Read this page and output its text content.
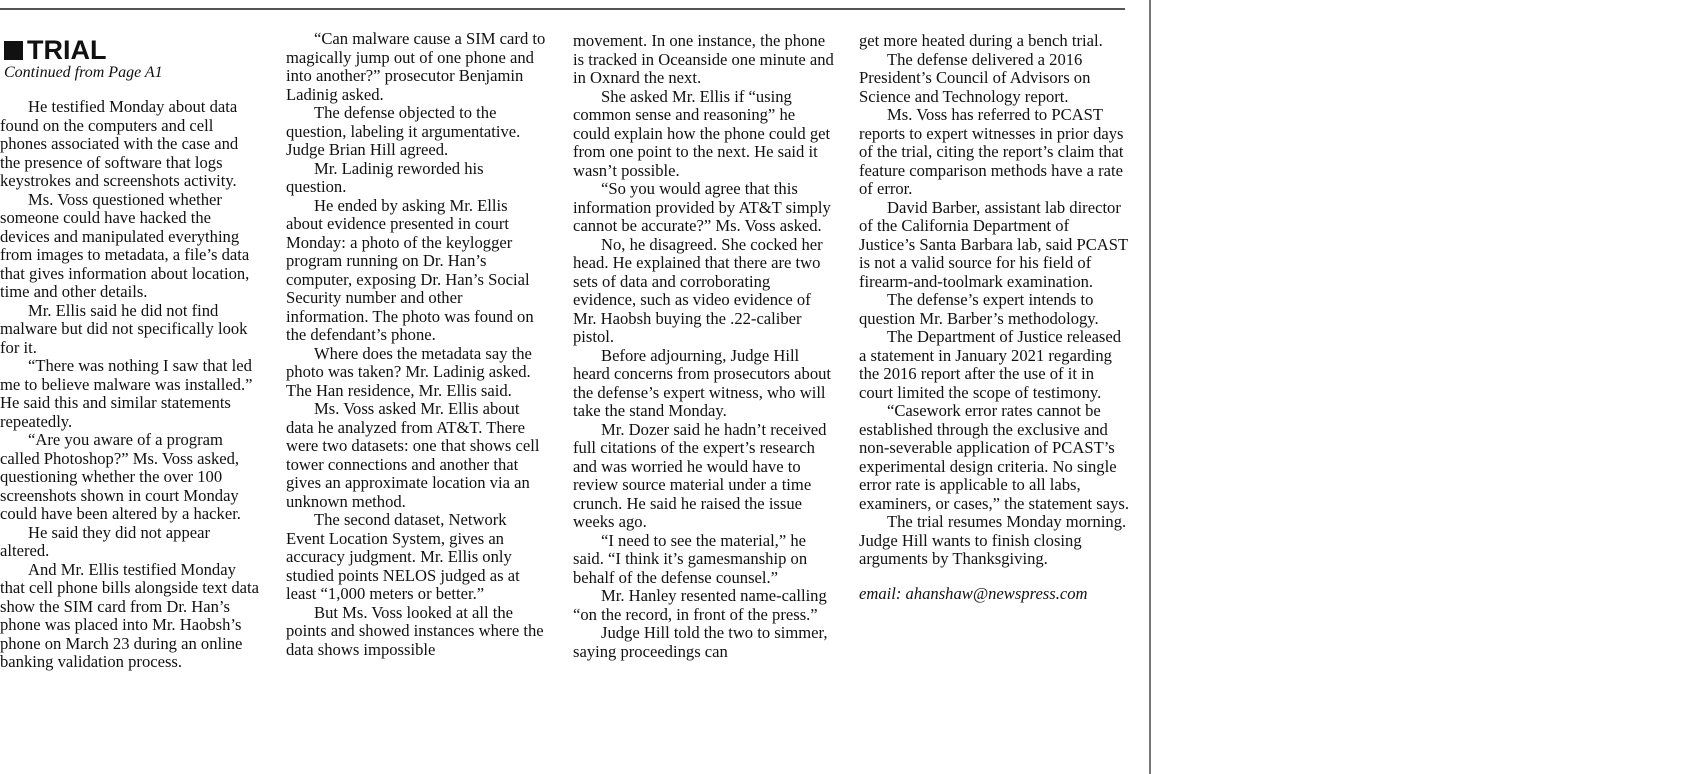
TRIAL
Continued from Page A1

He testified Monday about data found on the computers and cell phones associated with the case and the presence of software that logs keystrokes and screenshots activity.

Ms. Voss questioned whether someone could have hacked the devices and manipulated everything from images to metadata, a file’s data that gives information about location, time and other details.

Mr. Ellis said he did not find malware but did not specifically look for it.

“There was nothing I saw that led me to believe malware was installed.” He said this and similar statements repeatedly.

“Are you aware of a program called Photoshop?” Ms. Voss asked, questioning whether the over 100 screenshots shown in court Monday could have been altered by a hacker.

He said they did not appear altered.

And Mr. Ellis testified Monday that cell phone bills alongside text data show the SIM card from Dr. Han’s phone was placed into Mr. Haobsh’s phone on March 23 during an online banking validation process.

“Can malware cause a SIM card to magically jump out of one phone and into another?” prosecutor Benjamin Ladinig asked.

The defense objected to the question, labeling it argumentative. Judge Brian Hill agreed.

Mr. Ladinig reworded his question.

He ended by asking Mr. Ellis about evidence presented in court Monday: a photo of the keylogger program running on Dr. Han’s computer, exposing Dr. Han’s Social Security number and other information. The photo was found on the defendant’s phone.

Where does the metadata say the photo was taken? Mr. Ladinig asked. The Han residence, Mr. Ellis said.

Ms. Voss asked Mr. Ellis about data he analyzed from AT&T. There were two datasets: one that shows cell tower connections and another that gives an approximate location via an unknown method.

The second dataset, Network Event Location System, gives an accuracy judgment. Mr. Ellis only studied points NELOS judged as at least “1,000 meters or better.”

But Ms. Voss looked at all the points and showed instances where the data shows impossible

movement. In one instance, the phone is tracked in Oceanside one minute and in Oxnard the next.

She asked Mr. Ellis if “using common sense and reasoning” he could explain how the phone could get from one point to the next. He said it wasn’t possible.

“So you would agree that this information provided by AT&T simply cannot be accurate?” Ms. Voss asked.

No, he disagreed. She cocked her head. He explained that there are two sets of data and corroborating evidence, such as video evidence of Mr. Haobsh buying the .22-caliber pistol.

Before adjourning, Judge Hill heard concerns from prosecutors about the defense’s expert witness, who will take the stand Monday.

Mr. Dozer said he hadn’t received full citations of the expert’s research and was worried he would have to review source material under a time crunch. He said he raised the issue weeks ago.

“I need to see the material,” he said. “I think it’s gamesmanship on behalf of the defense counsel.”

Mr. Hanley resented name-calling “on the record, in front of the press.”

Judge Hill told the two to simmer, saying proceedings can

get more heated during a bench trial.

The defense delivered a 2016 President’s Council of Advisors on Science and Technology report.

Ms. Voss has referred to PCAST reports to expert witnesses in prior days of the trial, citing the report’s claim that feature comparison methods have a rate of error.

David Barber, assistant lab director of the California Department of Justice’s Santa Barbara lab, said PCAST is not a valid source for his field of firearm-and-toolmark examination.

The defense’s expert intends to question Mr. Barber’s methodology.

The Department of Justice released a statement in January 2021 regarding the 2016 report after the use of it in court limited the scope of testimony.

“Casework error rates cannot be established through the exclusive and non-severable application of PCAST’s experimental design criteria. No single error rate is applicable to all labs, examiners, or cases,” the statement says.

The trial resumes Monday morning. Judge Hill wants to finish closing arguments by Thanksgiving.

email: ahanshaw@newspress.com
